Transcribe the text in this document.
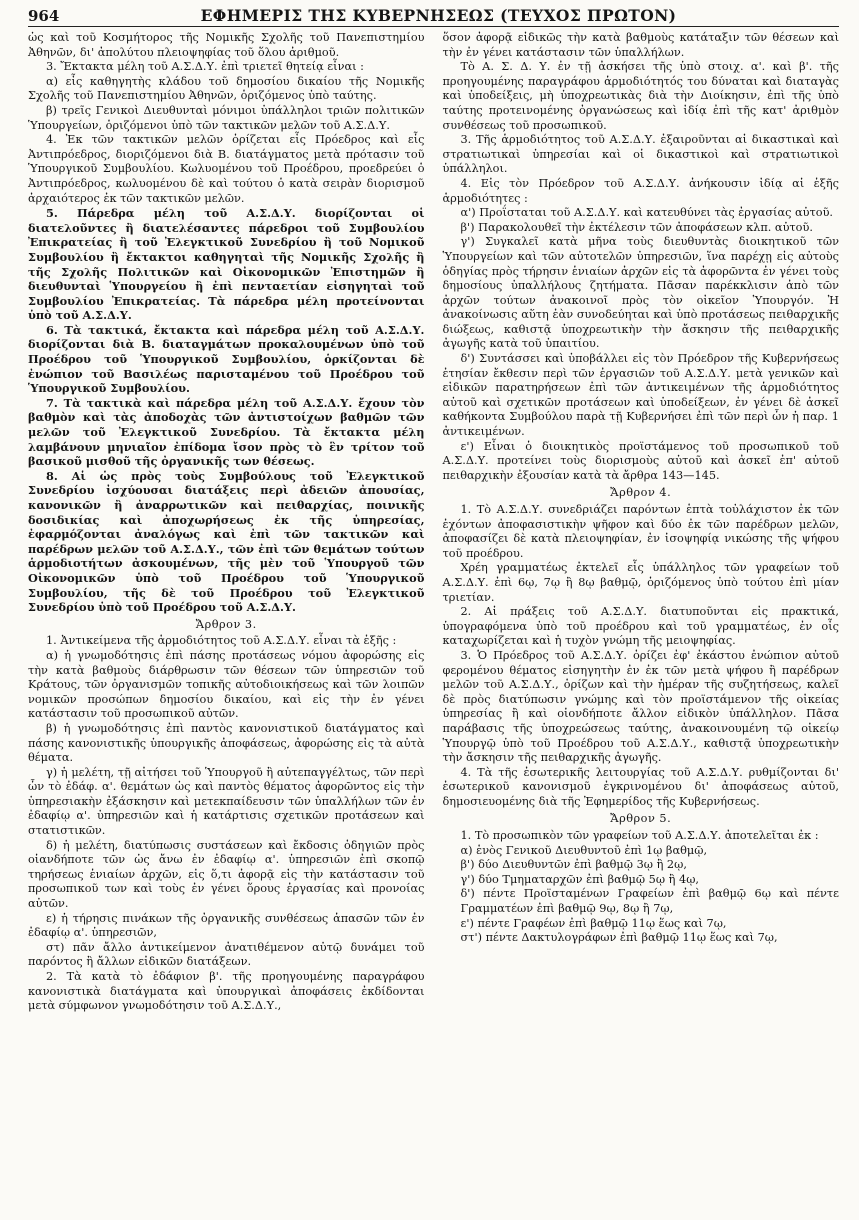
964	ΕΦΗΜΕΡΙΣ ΤΗΣ ΚΥΒΕΡΝΗΣΕΩΣ (ΤΕΥΧΟΣ ΠΡΩΤΟΝ)

ὡς καὶ τοῦ Κοσμήτορος τῆς Νομικῆς Σχολῆς τοῦ Πανεπιστημίου Ἀθηνῶν, δι' ἀπολύτου πλειοψηφίας τοῦ ὅλου ἀριθμοῦ.

3. Ἔκτακτα μέλη τοῦ Α.Σ.Δ.Υ. ἐπὶ τριετεῖ θητείᾳ εἶναι :

α) εἷς καθηγητὴς κλάδου τοῦ δημοσίου δικαίου τῆς Νομικῆς Σχολῆς τοῦ Πανεπιστημίου Ἀθηνῶν, ὁριζόμενος ὑπὸ ταύτης.

β) τρεῖς Γενικοὶ Διευθυνταὶ μόνιμοι ὑπάλληλοι τριῶν πολιτικῶν Ὑπουργείων, ὁριζόμενοι ὑπὸ τῶν τακτικῶν μελῶν τοῦ Α.Σ.Δ.Υ.

4. Ἐκ τῶν τακτικῶν μελῶν ὁρίζεται εἷς Πρόεδρος καὶ εἷς Ἀντιπρόεδρος, διοριζόμενοι διὰ Β. διατάγματος μετὰ πρότασιν τοῦ Ὑπουργικοῦ Συμβουλίου. Κωλυομένου τοῦ Προέδρου, προεδρεύει ὁ Ἀντιπρόεδρος, κωλυομένου δὲ καὶ τούτου ὁ κατὰ σειρὰν διορισμοῦ ἀρχαιότερος ἐκ τῶν τακτικῶν μελῶν.

5. Πάρεδρα μέλη τοῦ Α.Σ.Δ.Υ. διορίζονται οἱ διατελοῦντες ἢ διατελέσαντες πάρεδροι τοῦ Συμβουλίου Ἐπικρατείας ἢ τοῦ Ἐλεγκτικοῦ Συνεδρίου ἢ τοῦ Νομικοῦ Συμβουλίου ἢ ἔκτακτοι καθηγηταὶ τῆς Νομικῆς Σχολῆς ἢ τῆς Σχολῆς Πολιτικῶν καὶ Οἰκονομικῶν Ἐπιστημῶν ἢ διευθυνταὶ Ὑπουργείου ἢ ἐπὶ πενταετίαν εἰσηγηταὶ τοῦ Συμβουλίου Ἐπικρατείας. Τὰ πάρεδρα μέλη προτείνονται ὑπὸ τοῦ Α.Σ.Δ.Υ.

6. Τὰ τακτικά, ἔκτακτα καὶ πάρεδρα μέλη τοῦ Α.Σ.Δ.Υ. διορίζονται διὰ Β. διαταγμάτων προκαλουμένων ὑπὸ τοῦ Προέδρου τοῦ Ὑπουργικοῦ Συμβουλίου, ὁρκίζονται δὲ ἐνώπιον τοῦ Βασιλέως παρισταμένου τοῦ Προέδρου τοῦ Ὑπουργικοῦ Συμβουλίου.

7. Τὰ τακτικὰ καὶ πάρεδρα μέλη τοῦ Α.Σ.Δ.Υ. ἔχουν τὸν βαθμὸν καὶ τὰς ἀποδοχὰς τῶν ἀντιστοίχων βαθμῶν τῶν μελῶν τοῦ Ἐλεγκτικοῦ Συνεδρίου. Τὰ ἔκτακτα μέλη λαμβάνουν μηνιαῖον ἐπίδομα ἴσον πρὸς τὸ ἓν τρίτον τοῦ βασικοῦ μισθοῦ τῆς ὀργανικῆς των θέσεως.

8. Αἱ ὡς πρὸς τοὺς Συμβούλους τοῦ Ἐλεγκτικοῦ Συνεδρίου ἰσχύουσαι διατάξεις περὶ ἀδειῶν ἀπουσίας, κανονικῶν ἢ ἀναρρωτικῶν καὶ πειθαρχίας, ποινικῆς δοσιδικίας καὶ ἀποχωρήσεως ἐκ τῆς ὑπηρεσίας, ἐφαρμόζονται ἀναλόγως καὶ ἐπὶ τῶν τακτικῶν καὶ παρέδρων μελῶν τοῦ Α.Σ.Δ.Υ., τῶν ἐπὶ τῶν θεμάτων τούτων ἁρμοδιοτήτων ἀσκουμένων, τῆς μὲν τοῦ Ὑπουργοῦ τῶν Οἰκονομικῶν ὑπὸ τοῦ Προέδρου τοῦ Ὑπουργικοῦ Συμβουλίου, τῆς δὲ τοῦ Προέδρου τοῦ Ἐλεγκτικοῦ Συνεδρίου ὑπὸ τοῦ Προέδρου τοῦ Α.Σ.Δ.Υ.

Ἄρθρον 3.

1. Ἀντικείμενα τῆς ἁρμοδιότητος τοῦ Α.Σ.Δ.Υ. εἶναι τὰ ἑξῆς :

α) ἡ γνωμοδότησις ἐπὶ πάσης προτάσεως νόμου ἀφορώσης εἰς τὴν κατὰ βαθμοὺς διάρθρωσιν τῶν θέσεων τῶν ὑπηρεσιῶν τοῦ Κράτους, τῶν ὀργανισμῶν τοπικῆς αὐτοδιοικήσεως καὶ τῶν λοιπῶν νομικῶν προσώπων δημοσίου δικαίου, καὶ εἰς τὴν ἐν γένει κατάστασιν τοῦ προσωπικοῦ αὐτῶν.

β) ἡ γνωμοδότησις ἐπὶ παντὸς κανονιστικοῦ διατάγματος καὶ πάσης κανονιστικῆς ὑπουργικῆς ἀποφάσεως, ἀφορώσης εἰς τὰ αὐτὰ θέματα.

γ) ἡ μελέτη, τῇ αἰτήσει τοῦ Ὑπουργοῦ ἢ αὐτεπαγγέλτως, τῶν περὶ ὧν τὸ ἐδάφ. α'. θεμάτων ὡς καὶ παντὸς θέματος ἀφορῶντος εἰς τὴν ὑπηρεσιακὴν ἐξάσκησιν καὶ μετεκπαίδευσιν τῶν ὑπαλλήλων τῶν ἐν ἐδαφίῳ α'. ὑπηρεσιῶν καὶ ἡ κατάρτισις σχετικῶν προτάσεων καὶ στατιστικῶν.

δ) ἡ μελέτη, διατύπωσις συστάσεων καὶ ἔκδοσις ὁδηγιῶν πρὸς οἱανδήποτε τῶν ὡς ἄνω ἐν ἐδαφίῳ α'. ὑπηρεσιῶν ἐπὶ σκοπῷ τηρήσεως ἑνιαίων ἀρχῶν, εἰς ὅ,τι ἀφορᾷ εἰς τὴν κατάστασιν τοῦ προσωπικοῦ των καὶ τοὺς ἐν γένει ὅρους ἐργασίας καὶ προνοίας αὐτῶν.

ε) ἡ τήρησις πινάκων τῆς ὀργανικῆς συνθέσεως ἁπασῶν τῶν ἐν ἐδαφίῳ α'. ὑπηρεσιῶν,

στ) πᾶν ἄλλο ἀντικείμενον ἀνατιθέμενον αὐτῷ δυνάμει τοῦ παρόντος ἢ ἄλλων εἰδικῶν διατάξεων.

2. Τὰ κατὰ τὸ ἐδάφιον β'. τῆς προηγουμένης παραγράφου κανονιστικὰ διατάγματα καὶ ὑπουργικαὶ ἀποφάσεις ἐκδίδονται μετὰ σύμφωνον γνωμοδότησιν τοῦ Α.Σ.Δ.Υ.,

ὅσον ἀφορᾷ εἰδικῶς τὴν κατὰ βαθμοὺς κατάταξιν τῶν θέσεων καὶ τὴν ἐν γένει κατάστασιν τῶν ὑπαλλήλων.

Τὸ Α. Σ. Δ. Υ. ἐν τῇ ἀσκήσει τῆς ὑπὸ στοιχ. α'. καὶ β'. τῆς προηγουμένης παραγράφου ἁρμοδιότητός του δύναται καὶ διαταγὰς καὶ ὑποδείξεις, μὴ ὑποχρεωτικὰς διὰ τὴν Διοίκησιν, ἐπὶ τῆς ὑπὸ ταύτης προτεινομένης ὀργανώσεως καὶ ἰδίᾳ ἐπὶ τῆς κατ' ἀριθμὸν συνθέσεως τοῦ προσωπικοῦ.

3. Τῆς ἁρμοδιότητος τοῦ Α.Σ.Δ.Υ. ἐξαιροῦνται αἱ δικαστικαὶ καὶ στρατιωτικαὶ ὑπηρεσίαι καὶ οἱ δικαστικοὶ καὶ στρατιωτικοὶ ὑπάλληλοι.

4. Εἰς τὸν Πρόεδρον τοῦ Α.Σ.Δ.Υ. ἀνήκουσιν ἰδίᾳ αἱ ἑξῆς ἁρμοδιότητες :

α') Προΐσταται τοῦ Α.Σ.Δ.Υ. καὶ κατευθύνει τὰς ἐργασίας αὐτοῦ.

β') Παρακολουθεῖ τὴν ἐκτέλεσιν τῶν ἀποφάσεων κλπ. αὐτοῦ.

γ') Συγκαλεῖ κατὰ μῆνα τοὺς διευθυντὰς διοικητικοῦ τῶν Ὑπουργείων καὶ τῶν αὐτοτελῶν ὑπηρεσιῶν, ἵνα παρέχῃ εἰς αὐτοὺς ὁδηγίας πρὸς τήρησιν ἑνιαίων ἀρχῶν εἰς τὰ ἀφορῶντα ἐν γένει τοὺς δημοσίους ὑπαλλήλους ζητήματα. Πᾶσαν παρέκκλισιν ἀπὸ τῶν ἀρχῶν τούτων ἀνακοινοῖ πρὸς τὸν οἰκεῖον Ὑπουργόν. Ἡ ἀνακοίνωσις αὕτη ἐὰν συνοδεύηται καὶ ὑπὸ προτάσεως πειθαρχικῆς διώξεως, καθιστᾷ ὑποχρεωτικὴν τὴν ἄσκησιν τῆς πειθαρχικῆς ἀγωγῆς κατὰ τοῦ ὑπαιτίου.

δ') Συντάσσει καὶ ὑποβάλλει εἰς τὸν Πρόεδρον τῆς Κυβερνήσεως ἐτησίαν ἔκθεσιν περὶ τῶν ἐργασιῶν τοῦ Α.Σ.Δ.Υ. μετὰ γενικῶν καὶ εἰδικῶν παρατηρήσεων ἐπὶ τῶν ἀντικειμένων τῆς ἁρμοδιότητος αὐτοῦ καὶ σχετικῶν προτάσεων καὶ ὑποδείξεων, ἐν γένει δὲ ἀσκεῖ καθήκοντα Συμβούλου παρὰ τῇ Κυβερνήσει ἐπὶ τῶν περὶ ὧν ἡ παρ. 1 ἀντικειμένων.

ε') Εἶναι ὁ διοικητικὸς προϊστάμενος τοῦ προσωπικοῦ τοῦ Α.Σ.Δ.Υ. προτείνει τοὺς διορισμοὺς αὐτοῦ καὶ ἀσκεῖ ἐπ' αὐτοῦ πειθαρχικὴν ἐξουσίαν κατὰ τὰ ἄρθρα 143—145.

Ἄρθρον 4.

1. Τὸ Α.Σ.Δ.Υ. συνεδριάζει παρόντων ἑπτὰ τοὐλάχιστον ἐκ τῶν ἐχόντων ἀποφασιστικὴν ψῆφον καὶ δύο ἐκ τῶν παρέδρων μελῶν, ἀποφασίζει δὲ κατὰ πλειοψηφίαν, ἐν ἰσοψηφίᾳ νικώσης τῆς ψήφου τοῦ προέδρου.

Χρέη γραμματέως ἐκτελεῖ εἷς ὑπάλληλος τῶν γραφείων τοῦ Α.Σ.Δ.Υ. ἐπὶ 6ῳ, 7ῳ ἢ 8ῳ βαθμῷ, ὁριζόμενος ὑπὸ τούτου ἐπὶ μίαν τριετίαν.

2. Αἱ πράξεις τοῦ Α.Σ.Δ.Υ. διατυποῦνται εἰς πρακτικά, ὑπογραφόμενα ὑπὸ τοῦ προέδρου καὶ τοῦ γραμματέως, ἐν οἷς καταχωρίζεται καὶ ἡ τυχὸν γνώμη τῆς μειοψηφίας.

3. Ὁ Πρόεδρος τοῦ Α.Σ.Δ.Υ. ὁρίζει ἐφ' ἑκάστου ἐνώπιον αὐτοῦ φερομένου θέματος εἰσηγητὴν ἐν ἐκ τῶν μετὰ ψήφου ἢ παρέδρων μελῶν τοῦ Α.Σ.Δ.Υ., ὁρίζων καὶ τὴν ἡμέραν τῆς συζητήσεως, καλεῖ δὲ πρὸς διατύπωσιν γνώμης καὶ τὸν προϊστάμενον τῆς οἰκείας ὑπηρεσίας ἢ καὶ οἱονδήποτε ἄλλον εἰδικὸν ὑπάλληλον. Πᾶσα παράβασις τῆς ὑποχρεώσεως ταύτης, ἀνακοινουμένη τῷ οἰκείῳ Ὑπουργῷ ὑπὸ τοῦ Προέδρου τοῦ Α.Σ.Δ.Υ., καθιστᾷ ὑποχρεωτικὴν τὴν ἄσκησιν τῆς πειθαρχικῆς ἀγωγῆς.

4. Τὰ τῆς ἐσωτερικῆς λειτουργίας τοῦ Α.Σ.Δ.Υ. ρυθμίζονται δι' ἐσωτερικοῦ κανονισμοῦ ἐγκρινομένου δι' ἀποφάσεως αὐτοῦ, δημοσιευομένης διὰ τῆς Ἐφημερίδος τῆς Κυβερνήσεως.

Ἄρθρον 5.

1. Τὸ προσωπικὸν τῶν γραφείων τοῦ Α.Σ.Δ.Υ. ἀποτελεῖται ἐκ :

α) ἑνὸς Γενικοῦ Διευθυντοῦ ἐπὶ 1ῳ βαθμῷ,

β') δύο Διευθυντῶν ἐπὶ βαθμῷ 3ῳ ἢ 2ῳ,

γ') δύο Τμηματαρχῶν ἐπὶ βαθμῷ 5ῳ ἢ 4ῳ,

δ') πέντε Προϊσταμένων Γραφείων ἐπὶ βαθμῷ 6ῳ καὶ πέντε Γραμματέων ἐπὶ βαθμῷ 9ῳ, 8ῳ ἢ 7ῳ,

ε') πέντε Γραφέων ἐπὶ βαθμῷ 11ῳ ἕως καὶ 7ῳ,

στ') πέντε Δακτυλογράφων ἐπὶ βαθμῷ 11ῳ ἕως καὶ 7ῳ,
